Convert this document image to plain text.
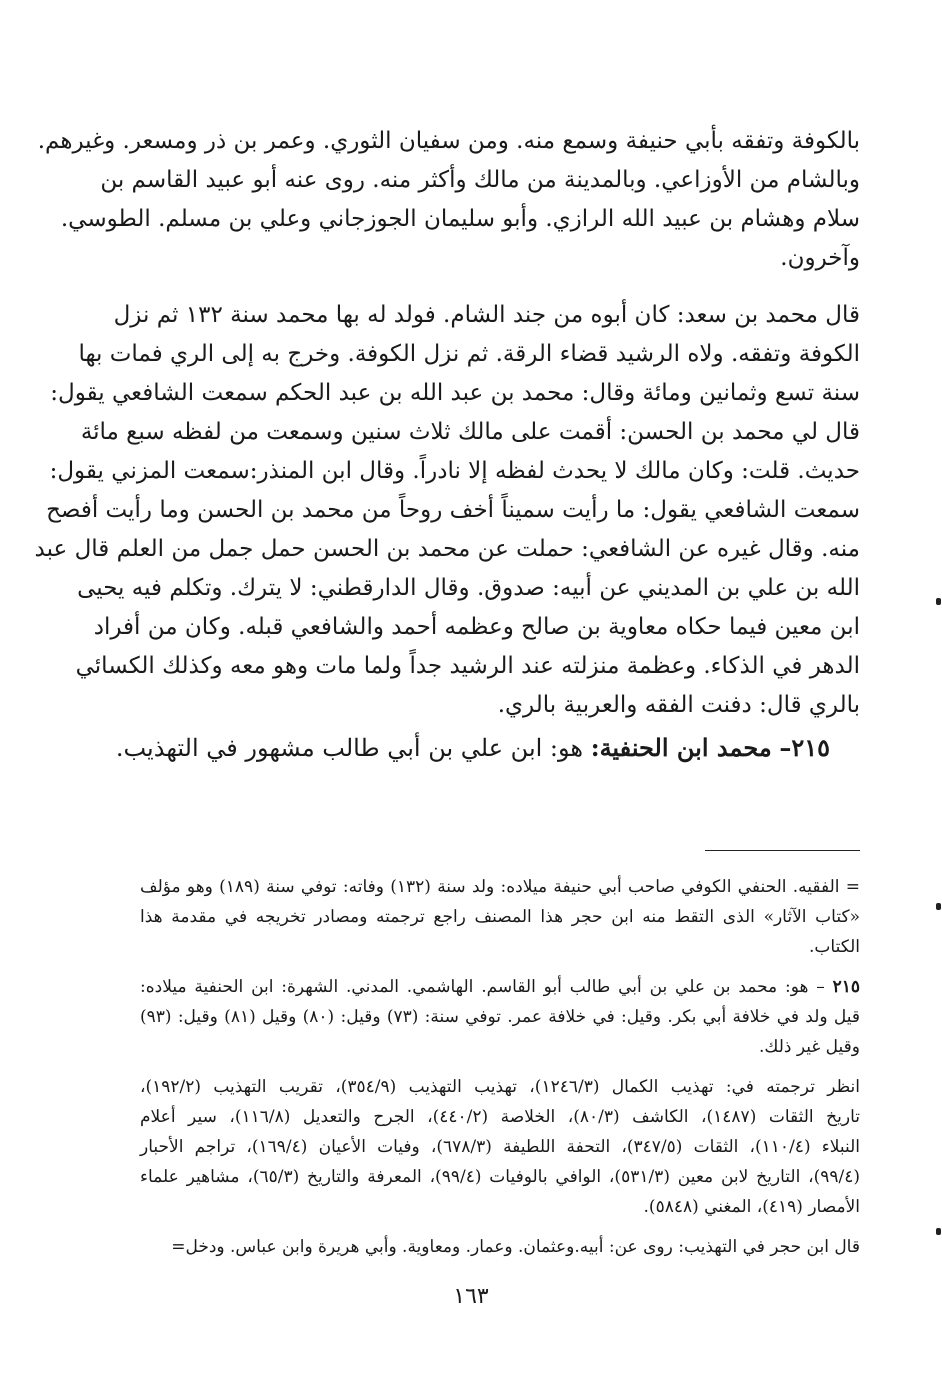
بالكوفة وتفقه بأبي حنيفة وسمع منه. ومن سفيان الثوري. وعمر بن ذر ومسعر. وغيرهم.
وبالشام من الأوزاعي. وبالمدينة من مالك وأكثر منه. روى عنه أبو عبيد القاسم بن
سلام وهشام بن عبيد الله الرازي. وأبو سليمان الجوزجاني وعلي بن مسلم. الطوسي.
وآخرون.
قال محمد بن سعد: كان أبوه من جند الشام. فولد له بها محمد سنة ١٣٢ ثم نزل
الكوفة وتفقه. ولاه الرشيد قضاء الرقة. ثم نزل الكوفة. وخرج به إلى الري فمات بها
سنة تسع وثمانين ومائة وقال: محمد بن عبد الله بن عبد الحكم سمعت الشافعي يقول:
قال لي محمد بن الحسن: أقمت على مالك ثلاث سنين وسمعت من لفظه سبع مائة
حديث. قلت: وكان مالك لا يحدث لفظه إلا نادراً. وقال ابن المنذر:سمعت المزني يقول:
سمعت الشافعي يقول: ما رأيت سميناً أخف روحاً من محمد بن الحسن وما رأيت أفصح
منه. وقال غيره عن الشافعي: حملت عن محمد بن الحسن حمل جمل من العلم قال عبد
الله بن علي بن المديني عن أبيه: صدوق. وقال الدارقطني: لا يترك. وتكلم فيه يحيى
ابن معين فيما حكاه معاوية بن صالح وعظمه أحمد والشافعي قبله. وكان من أفراد
الدهر في الذكاء. وعظمة منزلته عند الرشيد جداً ولما مات وهو معه وكذلك الكسائي
بالري قال: دفنت الفقه والعربية بالري.
٢١٥– محمد ابن الحنفية: هو: ابن علي بن أبي طالب مشهور في التهذيب.
= الفقيه. الحنفي الكوفي صاحب أبي حنيفة ميلاده: ولد سنة (١٣٢) وفاته: توفي سنة (١٨٩) وهو مؤلف
«كتاب الآثار» الذى التقط منه ابن حجر هذا المصنف راجع ترجمته ومصادر تخريجه في مقدمة هذا
الكتاب.
٢١٥ – هو: محمد بن علي بن أبي طالب أبو القاسم. الهاشمي. المدني. الشهرة: ابن الحنفية ميلاده:
قيل ولد في خلافة أبي بكر. وقيل: في خلافة عمر. توفي سنة: (٧٣) وقيل: (٨٠) وقيل (٨١) وقيل: (٩٣)
وقيل غير ذلك.
انظر ترجمته في: تهذيب الكمال (١٢٤٦/٣)، تهذيب التهذيب (٣٥٤/٩)، تقريب التهذيب (١٩٢/٢)،
تاريخ الثقات (١٤٨٧)، الكاشف (٨٠/٣)، الخلاصة (٤٤٠/٢)، الجرح والتعديل (١١٦/٨)، سير أعلام
النبلاء (١١٠/٤)، الثقات (٣٤٧/٥)، التحفة اللطيفة (٦٧٨/٣)، وفيات الأعيان (١٦٩/٤)، تراجم الأحبار
(٩٩/٤)، التاريخ لابن معين (٥٣١/٣)، الوافي بالوفيات (٩٩/٤)، المعرفة والتاريخ (٦٥/٣)، مشاهير علماء
الأمصار (٤١٩)، المغني (٥٨٤٨).
قال ابن حجر في التهذيب: روى عن: أبيه.وعثمان. وعمار. ومعاوية. وأبي هريرة وابن عباس. ودخل=
١٦٣
